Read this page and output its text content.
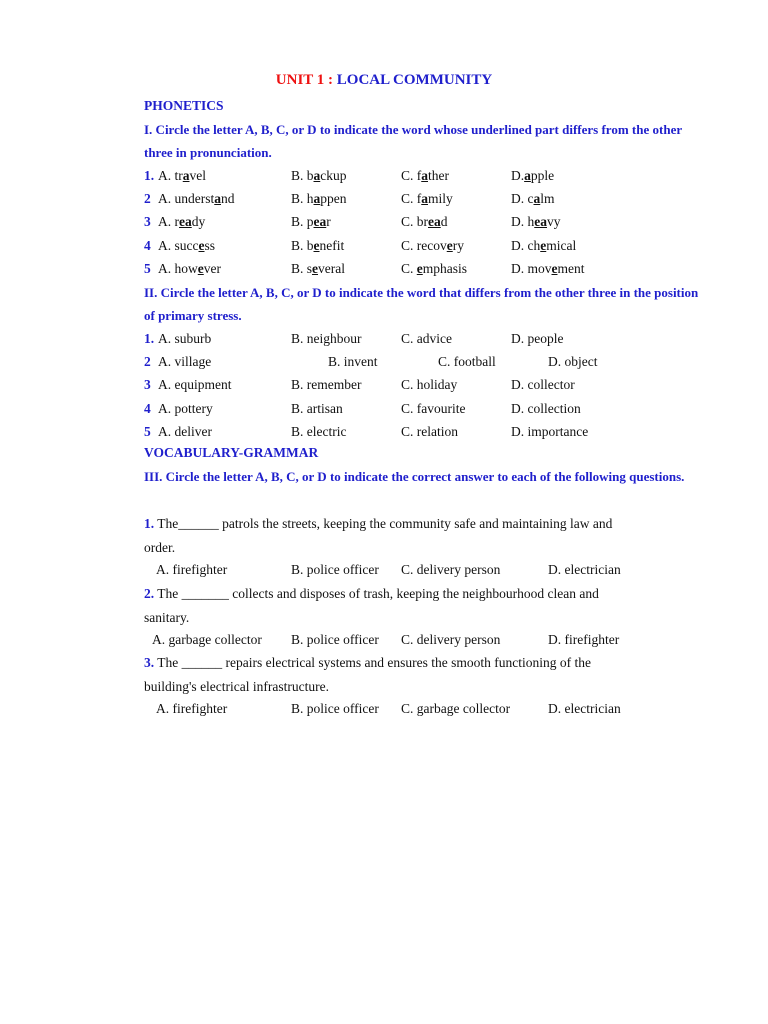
UNIT 1 : LOCAL COMMUNITY
PHONETICS
I. Circle the letter A, B, C, or D to indicate the word whose underlined part differs from the other three in pronunciation.
1. A. travel	B. backup	C. father	D.apple
2 A. understand	B. happen	C. family	D. calm
3 A. ready	B. pear	C. bread	D. heavy
4 A. success	B. benefit	C. recovery	D. chemical
5 A. however	B. several	C. emphasis	D. movement
II. Circle the letter A, B, C, or D to indicate the word that differs from the other three in the position of primary stress.
1. A. suburb	B. neighbour	C. advice	D. people
2 A. village	B. invent	C. football	D. object
3 A. equipment	B. remember	C. holiday	D. collector
4 A. pottery	B. artisan	C. favourite	D. collection
5 A. deliver	B. electric	C. relation	D. importance
VOCABULARY-GRAMMAR
III. Circle the letter A, B, C, or D to indicate the correct answer to each of the following questions.
1. The______ patrols the streets, keeping the community safe and maintaining law and order.
A. firefighter	B. police officer C. delivery person	D. electrician
2. The _______ collects and disposes of trash, keeping the neighbourhood clean and sanitary.
A. garbage collector B. police officer C. delivery person	D. firefighter
3. The ______ repairs electrical systems and ensures the smooth functioning of the building's electrical infrastructure.
A. firefighter	B. police officer C. garbage collector	D. electrician
